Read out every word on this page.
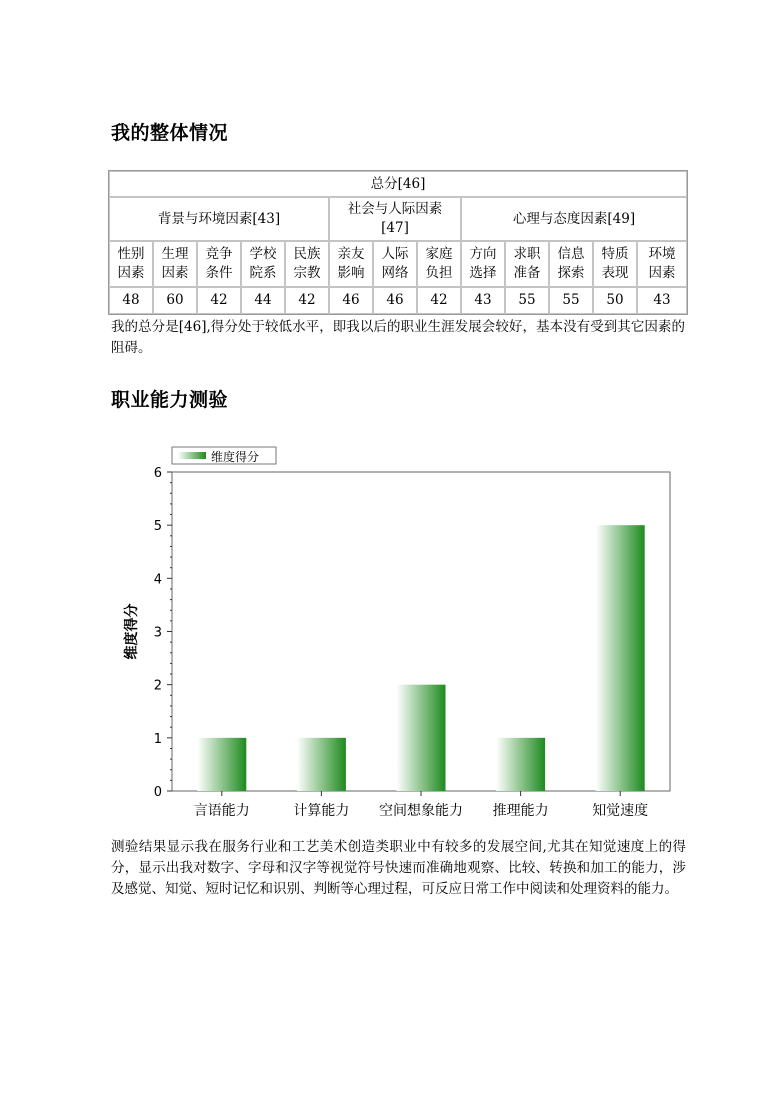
我的整体情况
总分[46]												
背景与环境因素[43]					社会与人际因素[47]			心理与态度因素[49]				
性别因素	生理因素	竞争条件	学校院系	民族宗教	亲友影响	人际网络	家庭负担	方向选择	求职准备	信息探索	特质表现	环境因素
48	60	42	44	42	46	46	42	43	55	55	50	43

我的总分是[46],得分处于较低水平，即我以后的职业生涯发展会较好，基本没有受到其它因素的阻碍。

职业能力测验
0
1
2
3
4
5
6
言语能力	计算能力 空间想象能力 推理能力	知觉速度
维度得分
维度得分

测验结果显示我在服务行业和工艺美术创造类职业中有较多的发展空间,尤其在知觉速度上的得分，显示出我对数字、字母和汉字等视觉符号快速而准确地观察、比较、转换和加工的能力，涉及感觉、知觉、短时记忆和识别、判断等心理过程，可反应日常工作中阅读和处理资料的能力。
